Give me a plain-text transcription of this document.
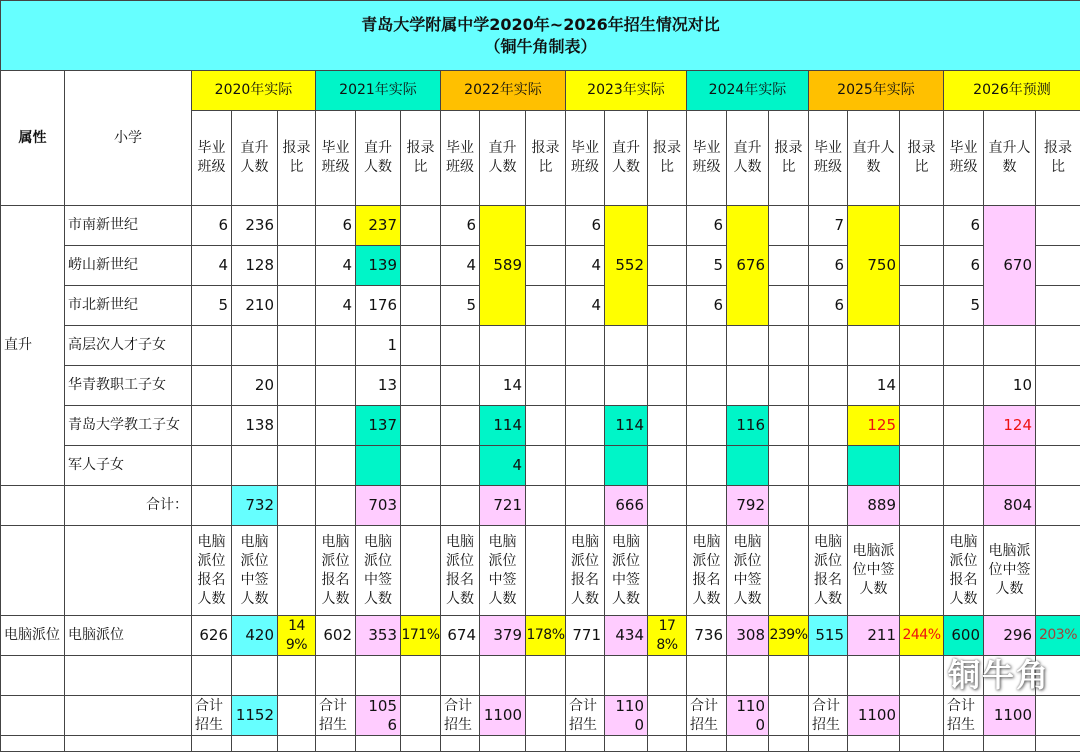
青岛大学附属中学2020年~2026年招生情况对比
（铜牛角制表）																						

属性	小学	2020年实际			2021年实际			2022年实际			2023年实际			2024年实际			2025年实际			2026年预测		
		毕业班级	直升人数	报录比	毕业班级	直升人数	报录比	毕业班级	直升人数	报录比	毕业班级	直升人数	报录比	毕业班级	直升人数	报录比	毕业班级	直升人数	报录比	毕业班级	直升人数	报录比
直升	市南新世纪	6	236		6	237		6	589		6	552		6	676		7	750		6	670	
	崂山新世纪	4	128		4	139		4			4			5			6			6		
	市北新世纪	5	210		4	176		5			4			6			6			5		
	高层次人才子女					1																
	华青教职工子女		20			13			14									14			10	
	青岛大学教工子女		138			137			114			114			116			125			124	
	军人子女								4													
	合计：		732			703			721			666			792			889			804	
		电脑派位报名人数	电脑派位中签人数		电脑派位报名人数	电脑派位中签人数		电脑派位报名人数	电脑派位中签人数		电脑派位报名人数	电脑派位中签人数		电脑派位报名人数	电脑派位中签人数		电脑派位报名人数	电脑派位中签人数		电脑派位报名人数	电脑派位中签人数	
电脑派位	电脑派位	626	420	149%	602	353	171%	674	379	178%	771	434	178%	736	308	239%	515	211	244%	600	296	203%

		合计招生	1152		合计招生	1056		合计招生	1100		合计招生	1100		合计招生	1100		合计招生	1100		合计招生	1100	

铜牛角
